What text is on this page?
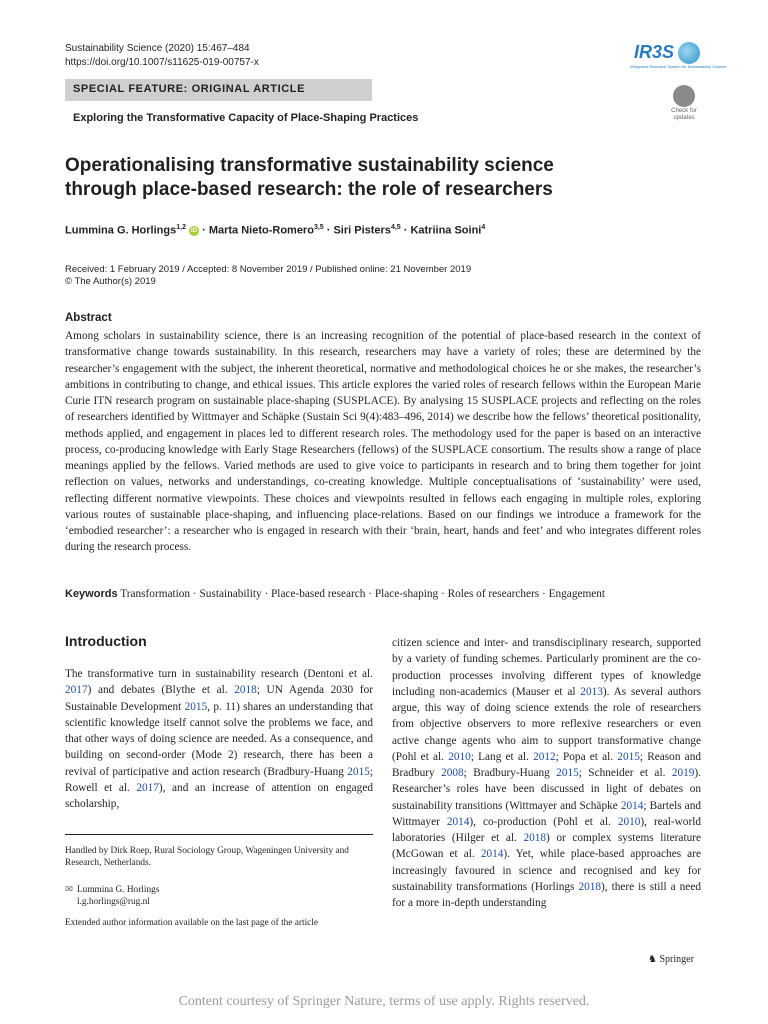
Sustainability Science (2020) 15:467–484
https://doi.org/10.1007/s11625-019-00757-x
IR3S
Integrated Research System for Sustainability Science
SPECIAL FEATURE: ORIGINAL ARTICLE
Check for updates
Exploring the Transformative Capacity of Place-Shaping Practices
Operationalising transformative sustainability science
through place-based research: the role of researchers
Lummina G. Horlings$^{1,2}$ iD · Marta Nieto-Romero$^{3,5}$ · Siri Pisters$^{4,5}$ · Katriina Soini$^4$
Received: 1 February 2019 / Accepted: 8 November 2019 / Published online: 21 November 2019
© The Author(s) 2019
Abstract
Among scholars in sustainability science, there is an increasing recognition of the potential of place-based research in the context of transformative change towards sustainability. In this research, researchers may have a variety of roles; these are determined by the researcher’s engagement with the subject, the inherent theoretical, normative and methodological choices he or she makes, the researcher’s ambitions in contributing to change, and ethical issues. This article explores the varied roles of research fellows within the European Marie Curie ITN research program on sustainable place-shaping (SUSPLACE). By analysing 15 SUSPLACE projects and reflecting on the roles of researchers identified by Wittmayer and Schäpke (Sustain Sci 9(4):483–496, 2014) we describe how the fellows’ theoretical positionality, methods applied, and engagement in places led to different research roles. The methodology used for the paper is based on an interactive process, co-producing knowledge with Early Stage Researchers (fellows) of the SUSPLACE consortium. The results show a range of place meanings applied by the fellows. Varied methods are used to give voice to participants in research and to bring them together for joint reflection on values, networks and understandings, co-creating knowledge. Multiple conceptualisations of ‘sustainability’ were used, reflecting different normative viewpoints. These choices and viewpoints resulted in fellows each engaging in multiple roles, exploring various routes of sustainable place-shaping, and influencing place-relations. Based on our findings we introduce a framework for the ‘embodied researcher’: a researcher who is engaged in research with their ‘brain, heart, hands and feet’ and who integrates different roles during the research process.
Keywords Transformation · Sustainability · Place-based research · Place-shaping · Roles of researchers · Engagement
Introduction
The transformative turn in sustainability research (Dentoni et al. 2017) and debates (Blythe et al. 2018; UN Agenda 2030 for Sustainable Development 2015, p. 11) shares an understanding that scientific knowledge itself cannot solve the problems we face, and that other ways of doing science are needed. As a consequence, and building on second-order (Mode 2) research, there has been a revival of participative and action research (Bradbury-Huang 2015; Rowell et al. 2017), and an increase of attention on engaged scholarship,
citizen science and inter- and transdisciplinary research, supported by a variety of funding schemes. Particularly prominent are the co-production processes involving different types of knowledge including non-academics (Mauser et al 2013). As several authors argue, this way of doing science extends the role of researchers from objective observers to more reflexive researchers or even active change agents who aim to support transformative change (Pohl et al. 2010; Lang et al. 2012; Popa et al. 2015; Reason and Bradbury 2008; Bradbury-Huang 2015; Schneider et al. 2019). Researcher’s roles have been discussed in light of debates on sustainability transitions (Wittmayer and Schäpke 2014; Bartels and Wittmayer 2014), co-production (Pohl et al. 2010), real-world laboratories (Hilger et al. 2018) or complex systems literature (McGowan et al. 2014). Yet, while place-based approaches are increasingly favoured in science and recognised and key for sustainability transformations (Horlings 2018), there is still a need for a more in-depth understanding
Handled by Dirk Roep, Rural Sociology Group, Wageningen University and Research, Netherlands.
✉ Lummina G. Horlings
l.g.horlings@rug.nl
Extended author information available on the last page of the article
♞ Springer
Content courtesy of Springer Nature, terms of use apply. Rights reserved.
